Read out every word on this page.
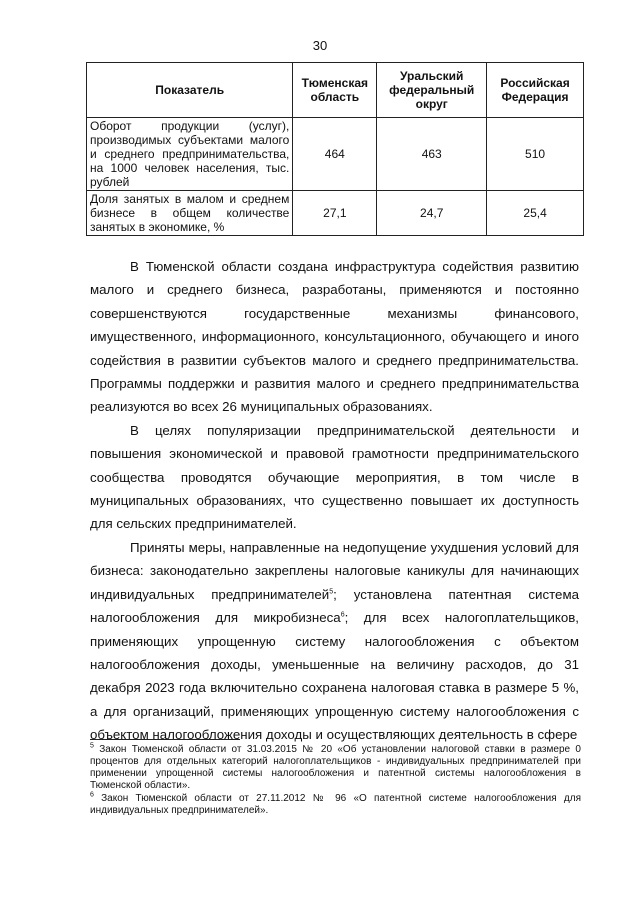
30
Показатель	Тюменская область	Уральский федеральный округ	Российская Федерация
Оборот продукции (услуг), производимых субъектами малого и среднего предпринимательства, на 1000 человек населения, тыс. рублей	464	463	510
Доля занятых в малом и среднем бизнесе в общем количестве занятых в экономике, %	27,1	24,7	25,4

В Тюменской области создана инфраструктура содействия развитию малого и среднего бизнеса, разработаны, применяются и постоянно совершенствуются государственные механизмы финансового, имущественного, информационного, консультационного, обучающего и иного содействия в развитии субъектов малого и среднего предпринимательства. Программы поддержки и развития малого и среднего предпринимательства реализуются во всех 26 муниципальных образованиях.

В целях популяризации предпринимательской деятельности и повышения экономической и правовой грамотности предпринимательского сообщества проводятся обучающие мероприятия, в том числе в муниципальных образованиях, что существенно повышает их доступность для сельских предпринимателей.

Приняты меры, направленные на недопущение ухудшения условий для бизнеса: законодательно закреплены налоговые каникулы для начинающих индивидуальных предпринимателей$^5$; установлена патентная система налогообложения для микробизнеса$^6$; для всех налогоплательщиков, применяющих упрощенную систему налогообложения с объектом налогообложения доходы, уменьшенные на величину расходов, до 31 декабря 2023 года включительно сохранена налоговая ставка в размере 5 %, а для организаций, применяющих упрощенную систему налогообложения с объектом налогообложения доходы и осуществляющих деятельность в сфере

$^5$ Закон Тюменской области от 31.03.2015 № 20 «Об установлении налоговой ставки в размере 0 процентов для отдельных категорий налогоплательщиков - индивидуальных предпринимателей при применении упрощенной системы налогообложения и патентной системы налогообложения в Тюменской области».

$^6$ Закон Тюменской области от 27.11.2012 № 96 «О патентной системе налогообложения для индивидуальных предпринимателей».
